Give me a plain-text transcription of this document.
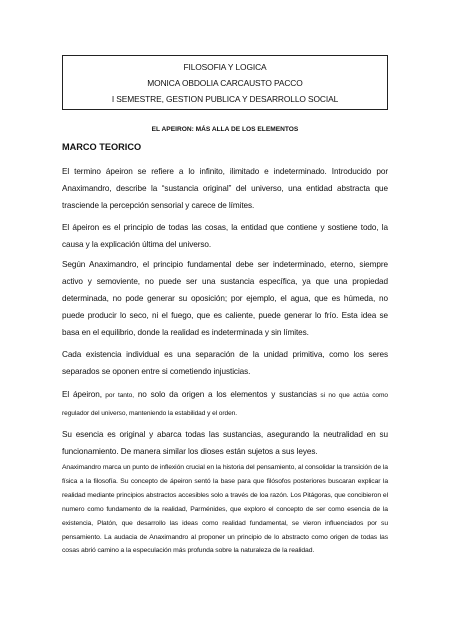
FILOSOFIA Y LOGICA
MONICA OBDOLIA CARCAUSTO PACCO
I SEMESTRE, GESTION PUBLICA Y DESARROLLO SOCIAL
EL APEIRON: MÁS ALLA DE LOS ELEMENTOS
MARCO TEORICO

El termino ápeiron se refiere a lo infinito, ilimitado e indeterminado. Introducido por Anaximandro, describe la “sustancia original” del universo, una entidad abstracta que trasciende la percepción sensorial y carece de límites.

El ápeiron es el principio de todas las cosas, la entidad que contiene y sostiene todo, la causa y la explicación última del universo.

Según Anaximandro, el principio fundamental debe ser indeterminado, eterno, siempre activo y semoviente, no puede ser una sustancia específica, ya que una propiedad determinada, no pode generar su oposición; por ejemplo, el agua, que es húmeda, no puede producir lo seco, ni el fuego, que es caliente, puede generar lo frío. Esta idea se basa en el equilibrio, donde la realidad es indeterminada y sin límites.

Cada existencia individual es una separación de la unidad primitiva, como los seres separados se oponen entre si cometiendo injusticias.

El ápeiron, por tanto, no solo da origen a los elementos y sustancias si no que actúa como regulador del universo, manteniendo la estabilidad y el orden.

Su esencia es original y abarca todas las sustancias, asegurando la neutralidad en su funcionamiento. De manera similar los dioses están sujetos a sus leyes.

Anaximandro marca un punto de inflexión crucial en la historia del pensamiento, al consolidar la transición de la física a la filosofía. Su concepto de ápeiron sentó la base para que filósofos posteriores buscaran explicar la realidad mediante principios abstractos accesibles solo a través de loa razón. Los Pitágoras, que concibieron el numero como fundamento de la realidad, Parménides, que exploro el concepto de ser como esencia de la existencia, Platón, que desarrollo las ideas como realidad fundamental, se vieron influenciados por su pensamiento. La audacia de Anaximandro al proponer un principio de lo abstracto como origen de todas las cosas abrió camino a la especulación más profunda sobre la naturaleza de la realidad.
